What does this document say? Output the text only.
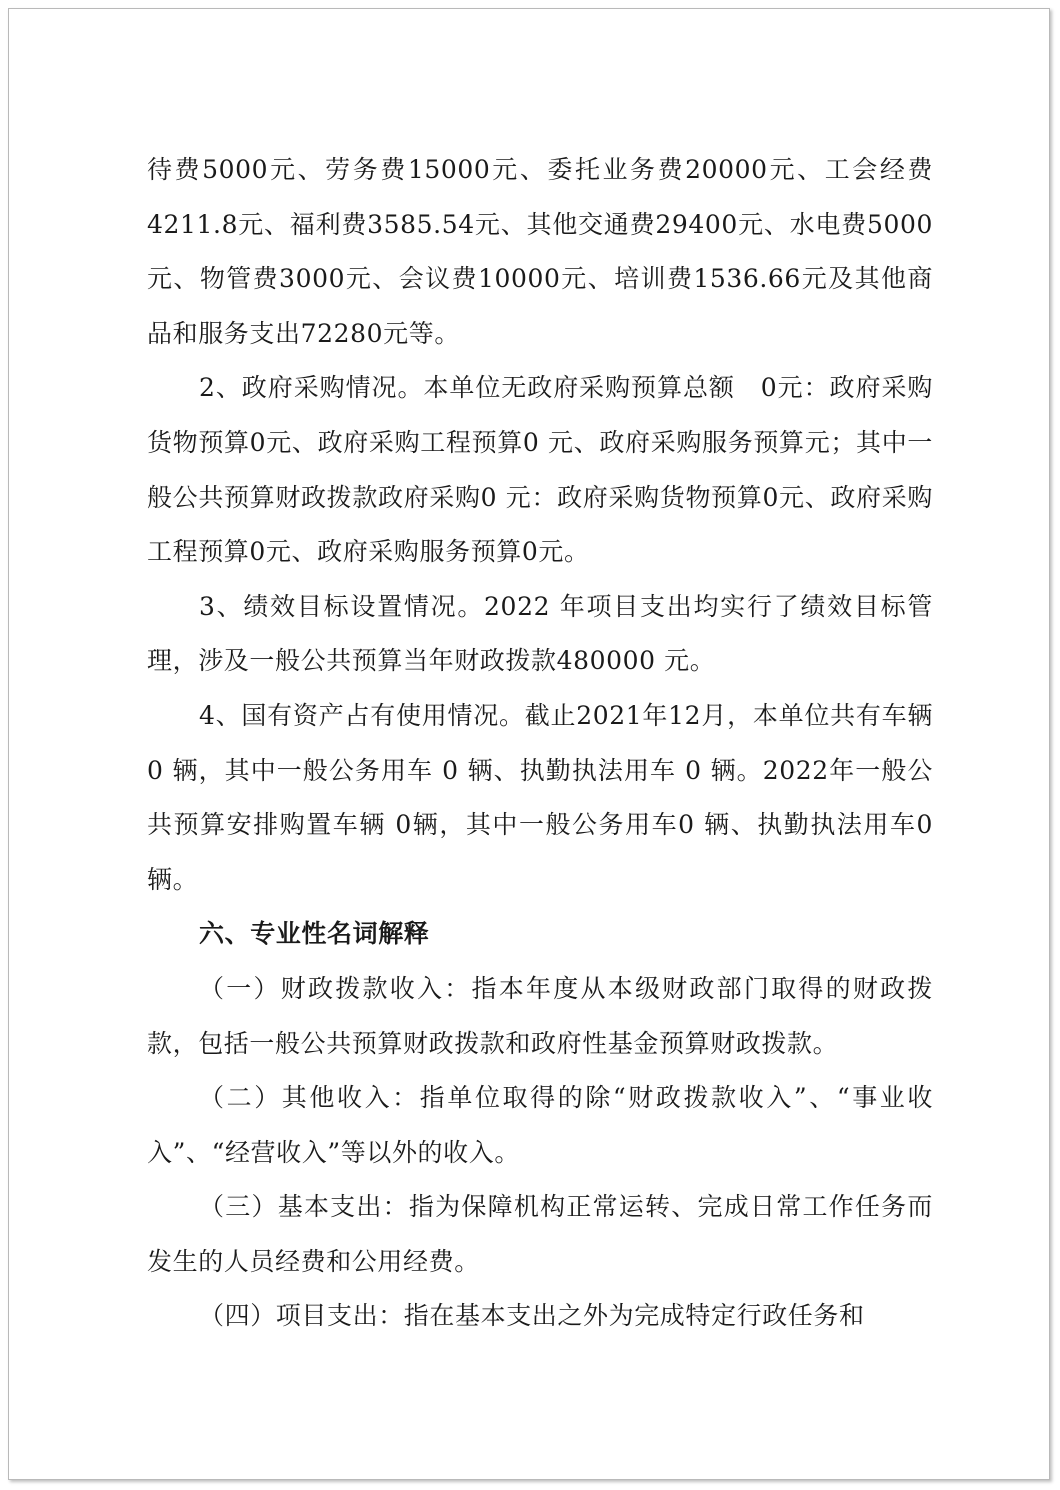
待费5000元、劳务费15000元、委托业务费20000元、工会经费4211.8元、福利费3585.54元、其他交通费29400元、水电费5000元、物管费3000元、会议费10000元、培训费1536.66元及其他商品和服务支出72280元等。

2、政府采购情况。本单位无政府采购预算总额　0元：政府采购货物预算0元、政府采购工程预算0 元、政府采购服务预算元；其中一般公共预算财政拨款政府采购0 元：政府采购货物预算0元、政府采购工程预算0元、政府采购服务预算0元。

3、绩效目标设置情况。2022 年项目支出均实行了绩效目标管理，涉及一般公共预算当年财政拨款480000 元。

4、国有资产占有使用情况。截止2021年12月，本单位共有车辆 0 辆，其中一般公务用车 0 辆、执勤执法用车 0 辆。2022年一般公共预算安排购置车辆 0辆，其中一般公务用车0 辆、执勤执法用车0 辆。

六、专业性名词解释

（一）财政拨款收入：指本年度从本级财政部门取得的财政拨款，包括一般公共预算财政拨款和政府性基金预算财政拨款。

（二）其他收入：指单位取得的除“财政拨款收入”、“事业收入”、“经营收入”等以外的收入。

（三）基本支出：指为保障机构正常运转、完成日常工作任务而发生的人员经费和公用经费。

（四）项目支出：指在基本支出之外为完成特定行政任务和
